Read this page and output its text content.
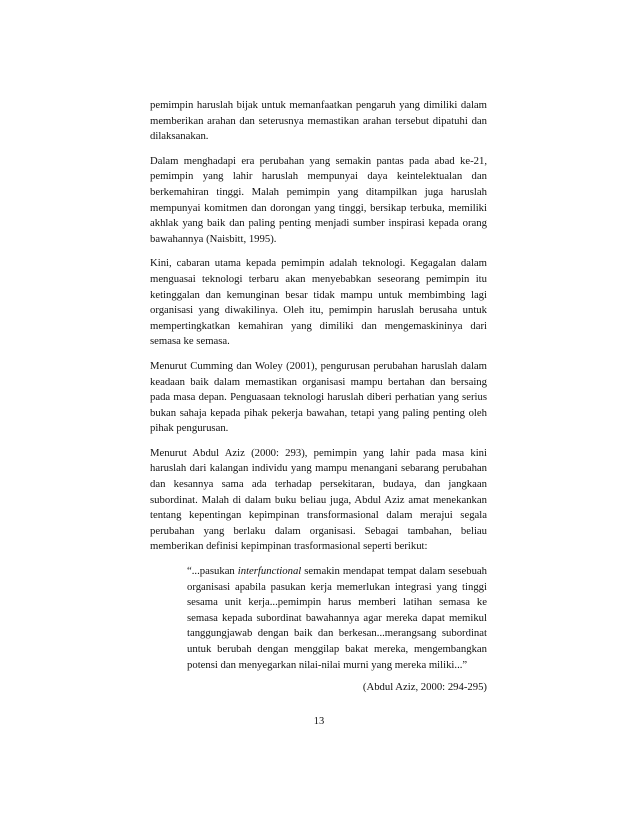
pemimpin haruslah bijak untuk memanfaatkan pengaruh yang dimiliki dalam memberikan arahan dan seterusnya memastikan arahan tersebut dipatuhi dan dilaksanakan.

Dalam menghadapi era perubahan yang semakin pantas pada abad ke-21, pemimpin yang lahir haruslah mempunyai daya keintelektualan dan berkemahiran tinggi. Malah pemimpin yang ditampilkan juga haruslah mempunyai komitmen dan dorongan yang tinggi, bersikap terbuka, memiliki akhlak yang baik dan paling penting menjadi sumber inspirasi kepada orang bawahannya (Naisbitt, 1995).

Kini, cabaran utama kepada pemimpin adalah teknologi. Kegagalan dalam menguasai teknologi terbaru akan menyebabkan seseorang pemimpin itu ketinggalan dan kemunginan besar tidak mampu untuk membimbing lagi organisasi yang diwakilinya. Oleh itu, pemimpin haruslah berusaha untuk mempertingkatkan kemahiran yang dimiliki dan mengemaskininya dari semasa ke semasa.

Menurut Cumming dan Woley (2001), pengurusan perubahan haruslah dalam keadaan baik dalam memastikan organisasi mampu bertahan dan bersaing pada masa depan. Penguasaan teknologi haruslah diberi perhatian yang serius bukan sahaja kepada pihak pekerja bawahan, tetapi yang paling penting oleh pihak pengurusan.

Menurut Abdul Aziz (2000: 293), pemimpin yang lahir pada masa kini haruslah dari kalangan individu yang mampu menangani sebarang perubahan dan kesannya sama ada terhadap persekitaran, budaya, dan jangkaan subordinat. Malah di dalam buku beliau juga, Abdul Aziz amat menekankan tentang kepentingan kepimpinan transformasional dalam merajui segala perubahan yang berlaku dalam organisasi. Sebagai tambahan, beliau memberikan definisi kepimpinan trasformasional seperti berikut:

“...pasukan interfunctional semakin mendapat tempat dalam sesebuah organisasi apabila pasukan kerja memerlukan integrasi yang tinggi sesama unit kerja...pemimpin harus memberi latihan semasa ke semasa kepada subordinat bawahannya agar mereka dapat memikul tanggungjawab dengan baik dan berkesan...merangsang subordinat untuk berubah dengan menggilap bakat mereka, mengembangkan potensi dan menyegarkan nilai-nilai murni yang mereka miliki...”

(Abdul Aziz, 2000: 294-295)

13
